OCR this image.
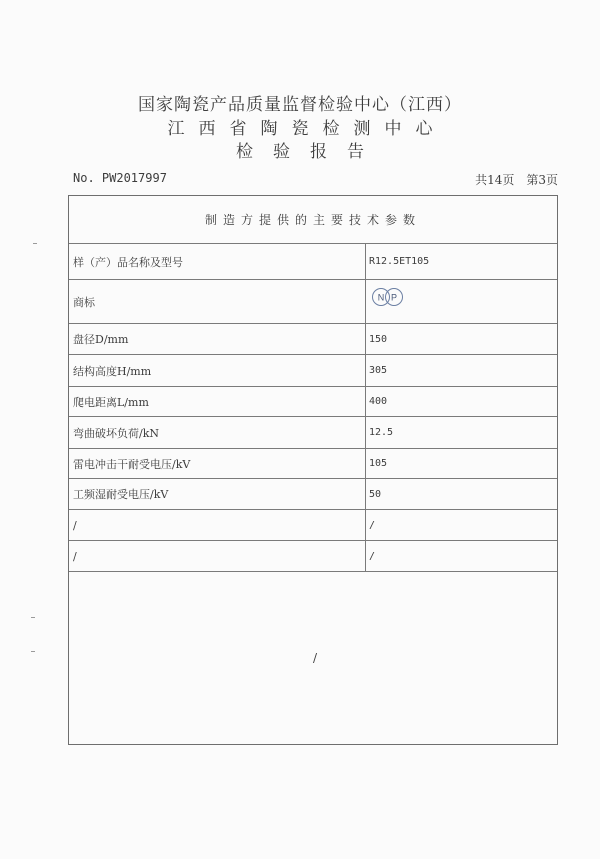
国家陶瓷产品质量监督检验中心（江西）
江西省陶瓷检测中心
检验报告
No. PW2017997	共14页　第3页
制造方提供的主要技术参数
样（产）品名称及型号	R12.5ET105
商标	N P
盘径D/mm	150
结构高度H/mm	305
爬电距离L/mm	400
弯曲破坏负荷/kN	12.5
雷电冲击干耐受电压/kV	105
工频湿耐受电压/kV	50
/	/
/	/
/
